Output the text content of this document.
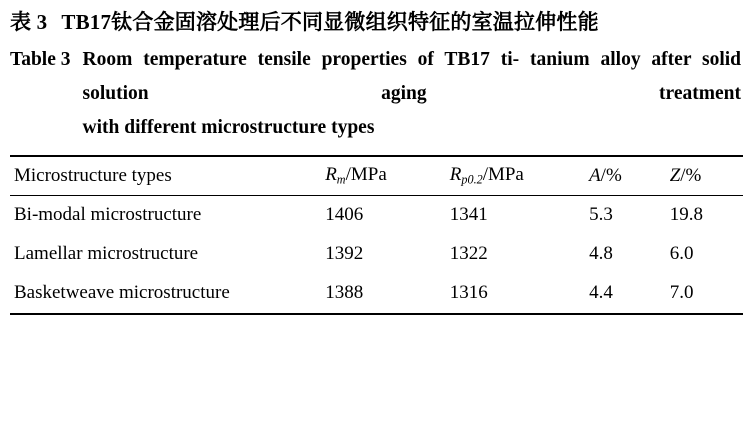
表 3 TB17钛合金固溶处理后不同显微组织特征的室温拉伸性能
Table 3 Room temperature tensile properties of TB17 ti- tanium alloy after solid solution aging treatment
with different microstructure types
Microstructure types	$R_m$/MPa	$R_{p0.2}$/MPa	A/%	Z/%
Bi-modal microstructure	1406	1341	5.3	19.8
Lamellar microstructure	1392	1322	4.8	6.0
Basketweave microstructure	1388	1316	4.4	7.0
